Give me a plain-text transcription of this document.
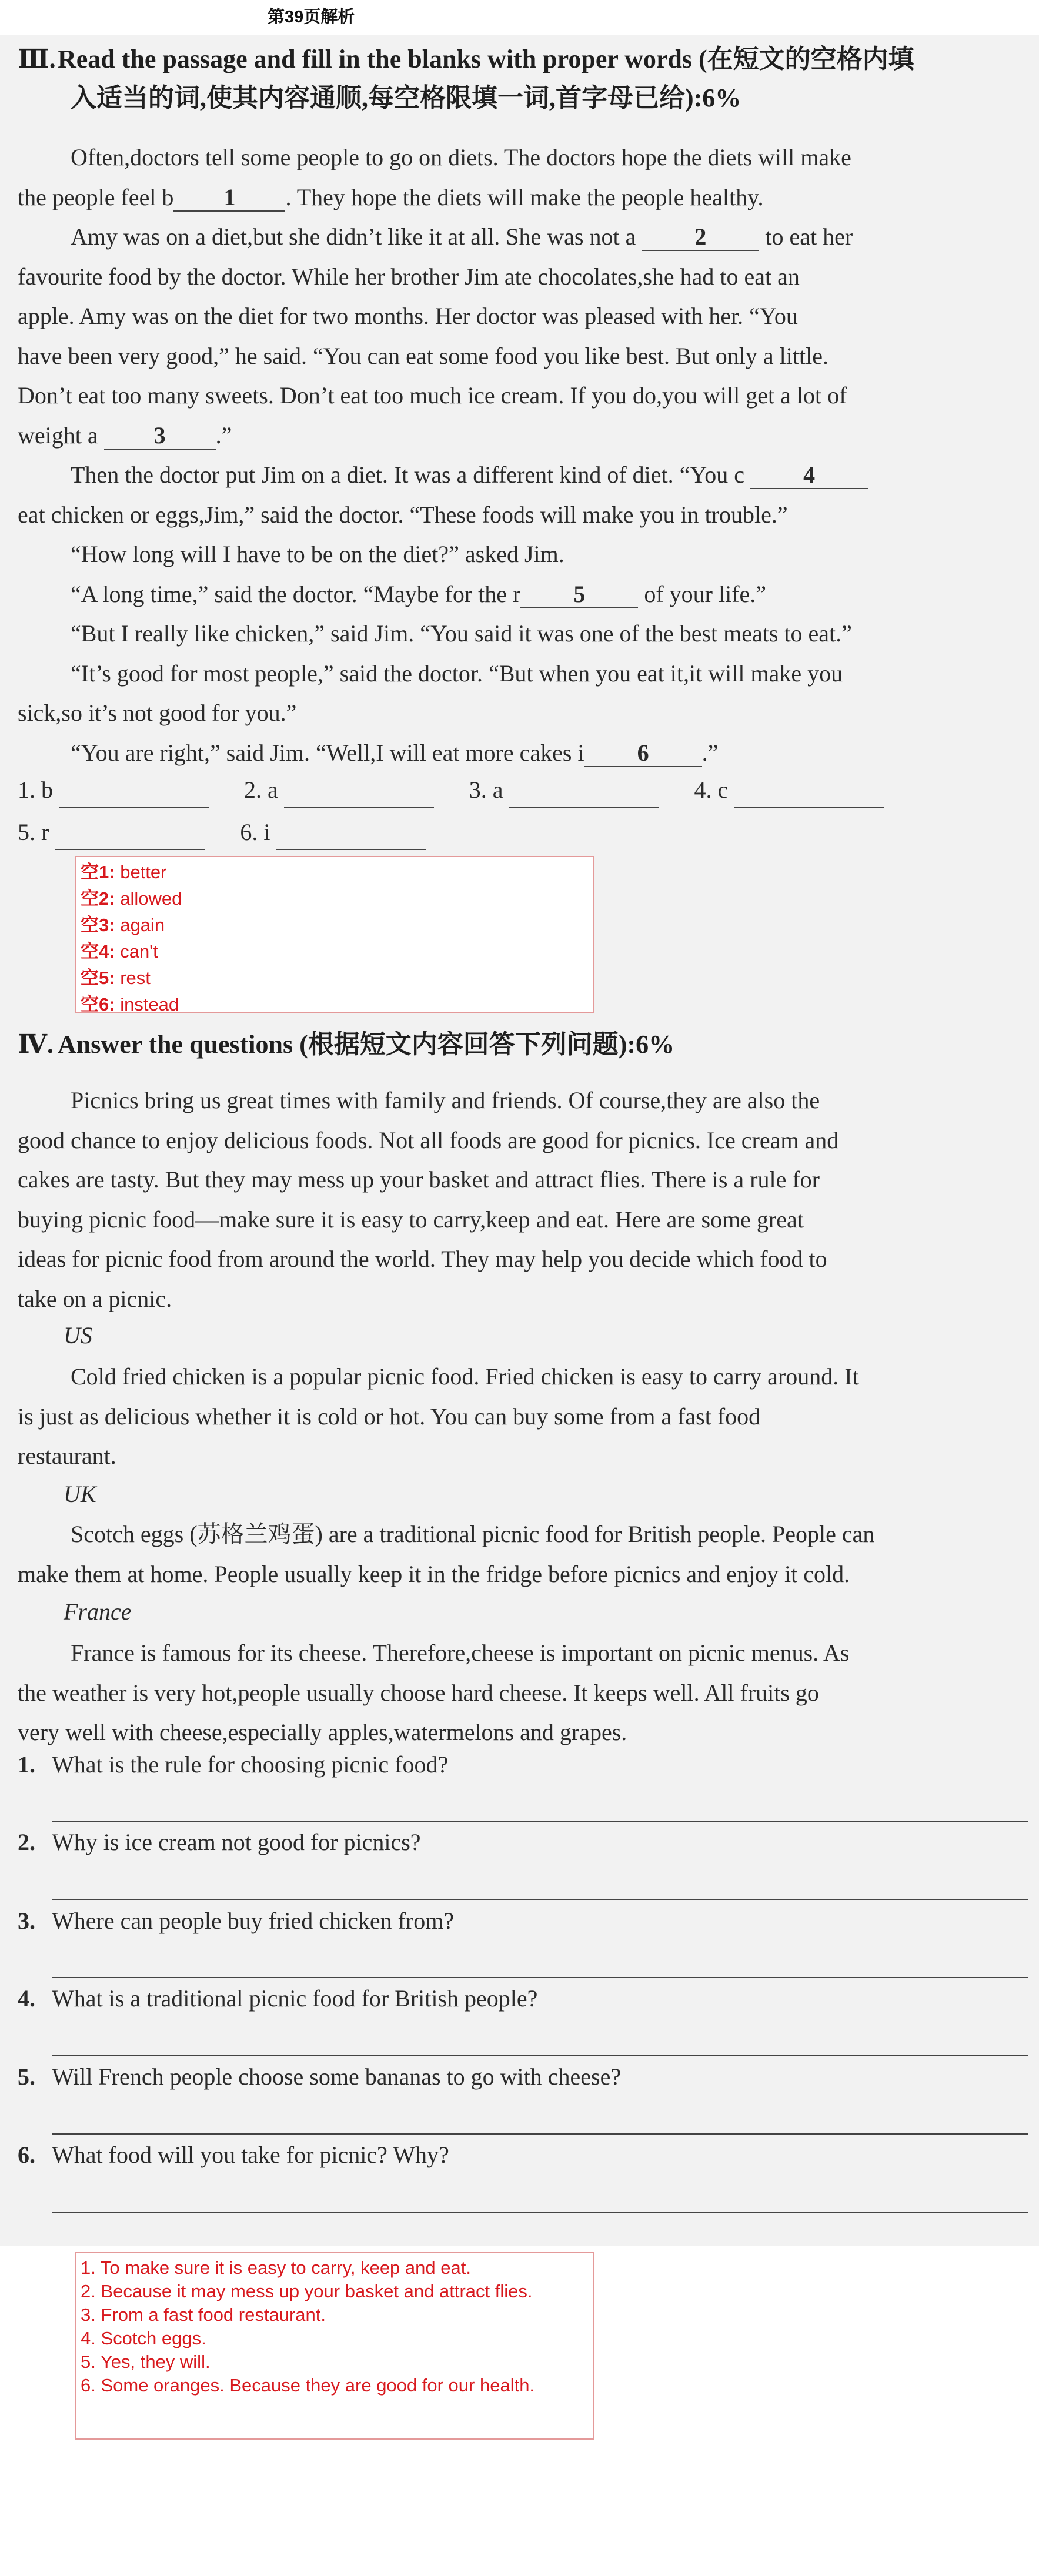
第39页解析
Ⅲ.Read the passage and fill in the blanks with proper words (在短文的空格内填
入适当的词,使其内容通顺,每空格限填一词,首字母已给):6%
Often,doctors tell some people to go on diets. The doctors hope the diets will make
the people feel b 1 . They hope the diets will make the people healthy.
Amy was on a diet,but she didn’t like it at all. She was not a	2	to eat her
favourite food by the doctor. While her brother Jim ate chocolates,she had to eat an
apple. Amy was on the diet for two months. Her doctor was pleased with her. “You
have been very good,” he said. “You can eat some food you like best. But only a little.
Don’t eat too many sweets. Don’t eat too much ice cream. If you do,you will get a lot of
weight a 3 .”
Then the doctor put Jim on a diet. It was a different kind of diet. “You c	4
eat chicken or eggs,Jim,” said the doctor. “These foods will make you in trouble.”
“How long will I have to be on the diet?” asked Jim.
“A long time,” said the doctor. “Maybe for the r 5	of your life.”
“But I really like chicken,” said Jim. “You said it was one of the best meats to eat.”
“It’s good for most people,” said the doctor. “But when you eat it,it will make you
sick,so it’s not good for you.”
“You are right,” said Jim. “Well,I will eat more cakes i 6 .”
1. b	2. a	3. a	4. c
5. r	6. i
空1: better
空2: allowed
空3: again
空4: can't
空5: rest
空6: instead
Ⅳ. Answer the questions (根据短文内容回答下列问题):6%
Picnics bring us great times with family and friends. Of course,they are also the
good chance to enjoy delicious foods. Not all foods are good for picnics. Ice cream and
cakes are tasty. But they may mess up your basket and attract flies. There is a rule for
buying picnic food—make sure it is easy to carry,keep and eat. Here are some great
ideas for picnic food from around the world. They may help you decide which food to
take on a picnic.
US
Cold fried chicken is a popular picnic food. Fried chicken is easy to carry around. It
is just as delicious whether it is cold or hot. You can buy some from a fast food
restaurant.
UK
Scotch eggs (苏格兰鸡蛋) are a traditional picnic food for British people. People can
make them at home. People usually keep it in the fridge before picnics and enjoy it cold.
France
France is famous for its cheese. Therefore,cheese is important on picnic menus. As
the weather is very hot,people usually choose hard cheese. It keeps well. All fruits go
very well with cheese,especially apples,watermelons and grapes.
1. What is the rule for choosing picnic food?
2. Why is ice cream not good for picnics?
3. Where can people buy fried chicken from?
4. What is a traditional picnic food for British people?
5. Will French people choose some bananas to go with cheese?
6. What food will you take for picnic? Why?
1. To make sure it is easy to carry, keep and eat.
2. Because it may mess up your basket and attract flies.
3. From a fast food restaurant.
4. Scotch eggs.
5. Yes, they will.
6. Some oranges. Because they are good for our health.
